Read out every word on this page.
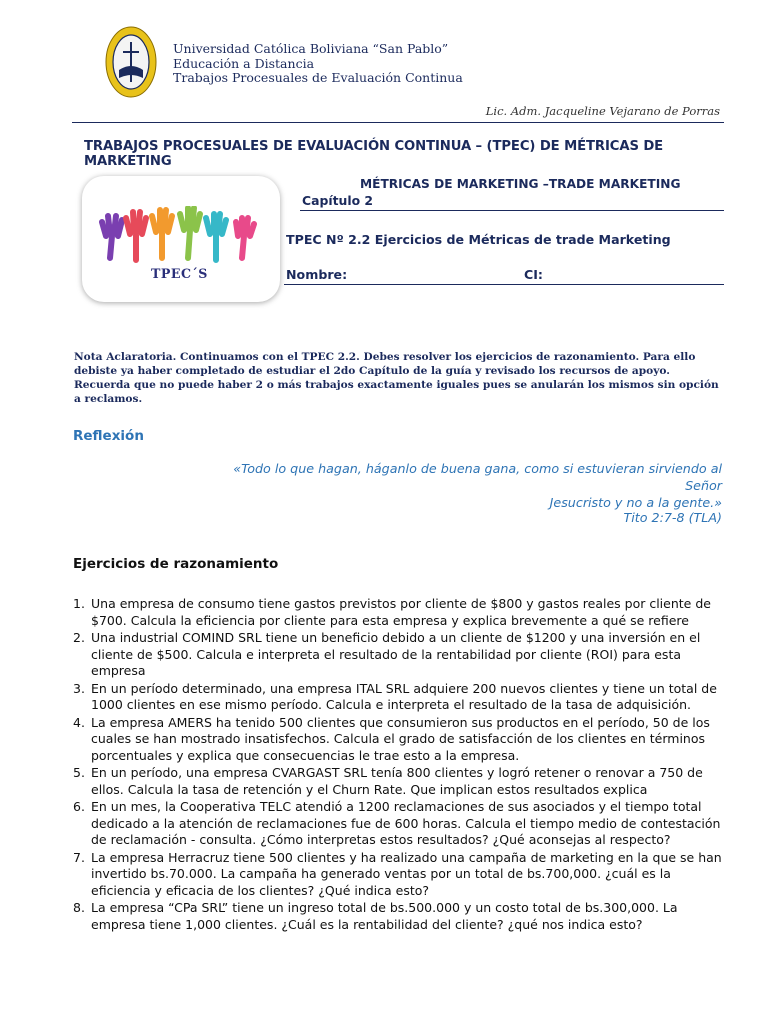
Universidad Católica Boliviana “San Pablo”
Educación a Distancia
Trabajos Procesuales de Evaluación Continua
Lic. Adm. Jacqueline Vejarano de Porras
TRABAJOS PROCESUALES DE EVALUACIÓN CONTINUA – (TPEC) DE MÉTRICAS DE MARKETING
TPEC´S
MÉTRICAS DE MARKETING –TRADE MARKETING
Capítulo 2
TPEC Nº 2.2 Ejercicios de Métricas de trade Marketing
Nombre:	CI:
Nota Aclaratoria. Continuamos con el TPEC 2.2. Debes resolver los ejercicios de razonamiento. Para ello debiste ya haber completado de estudiar el 2do Capítulo de la guía y revisado los recursos de apoyo. Recuerda que no puede haber 2 o más trabajos exactamente iguales pues se anularán los mismos sin opción a reclamos.
Reflexión
«Todo lo que hagan, háganlo de buena gana, como si estuvieran sirviendo al Señor
Jesucristo y no a la gente.»
Tito 2:7-8 (TLA)
Ejercicios de razonamiento
1. Una empresa de consumo tiene gastos previstos por cliente de $800 y gastos reales por cliente de $700. Calcula la eficiencia por cliente para esta empresa y explica brevemente a qué se refiere
2. Una industrial COMIND SRL tiene un beneficio debido a un cliente de $1200 y una inversión en el cliente de $500. Calcula e interpreta el resultado de la rentabilidad por cliente (ROI) para esta empresa
3. En un período determinado, una empresa ITAL SRL adquiere 200 nuevos clientes y tiene un total de 1000 clientes en ese mismo período. Calcula e interpreta el resultado de la tasa de adquisición.
4. La empresa AMERS ha tenido 500 clientes que consumieron sus productos en el período, 50 de los cuales se han mostrado insatisfechos. Calcula el grado de satisfacción de los clientes en términos porcentuales y explica que consecuencias le trae esto a la empresa.
5. En un período, una empresa CVARGAST SRL tenía 800 clientes y logró retener o renovar a 750 de ellos. Calcula la tasa de retención y el Churn Rate. Que implican estos resultados explica
6. En un mes, la Cooperativa TELC atendió a 1200 reclamaciones de sus asociados y el tiempo total dedicado a la atención de reclamaciones fue de 600 horas. Calcula el tiempo medio de contestación de reclamación - consulta. ¿Cómo interpretas estos resultados? ¿Qué aconsejas al respecto?
7. La empresa Herracruz tiene 500 clientes y ha realizado una campaña de marketing en la que se han invertido bs.70.000. La campaña ha generado ventas por un total de bs.700,000. ¿cuál es la eficiencia y eficacia de los clientes? ¿Qué indica esto?
8. La empresa “CPa SRL” tiene un ingreso total de bs.500.000 y un costo total de bs.300,000. La empresa tiene 1,000 clientes. ¿Cuál es la rentabilidad del cliente? ¿qué nos indica esto?
